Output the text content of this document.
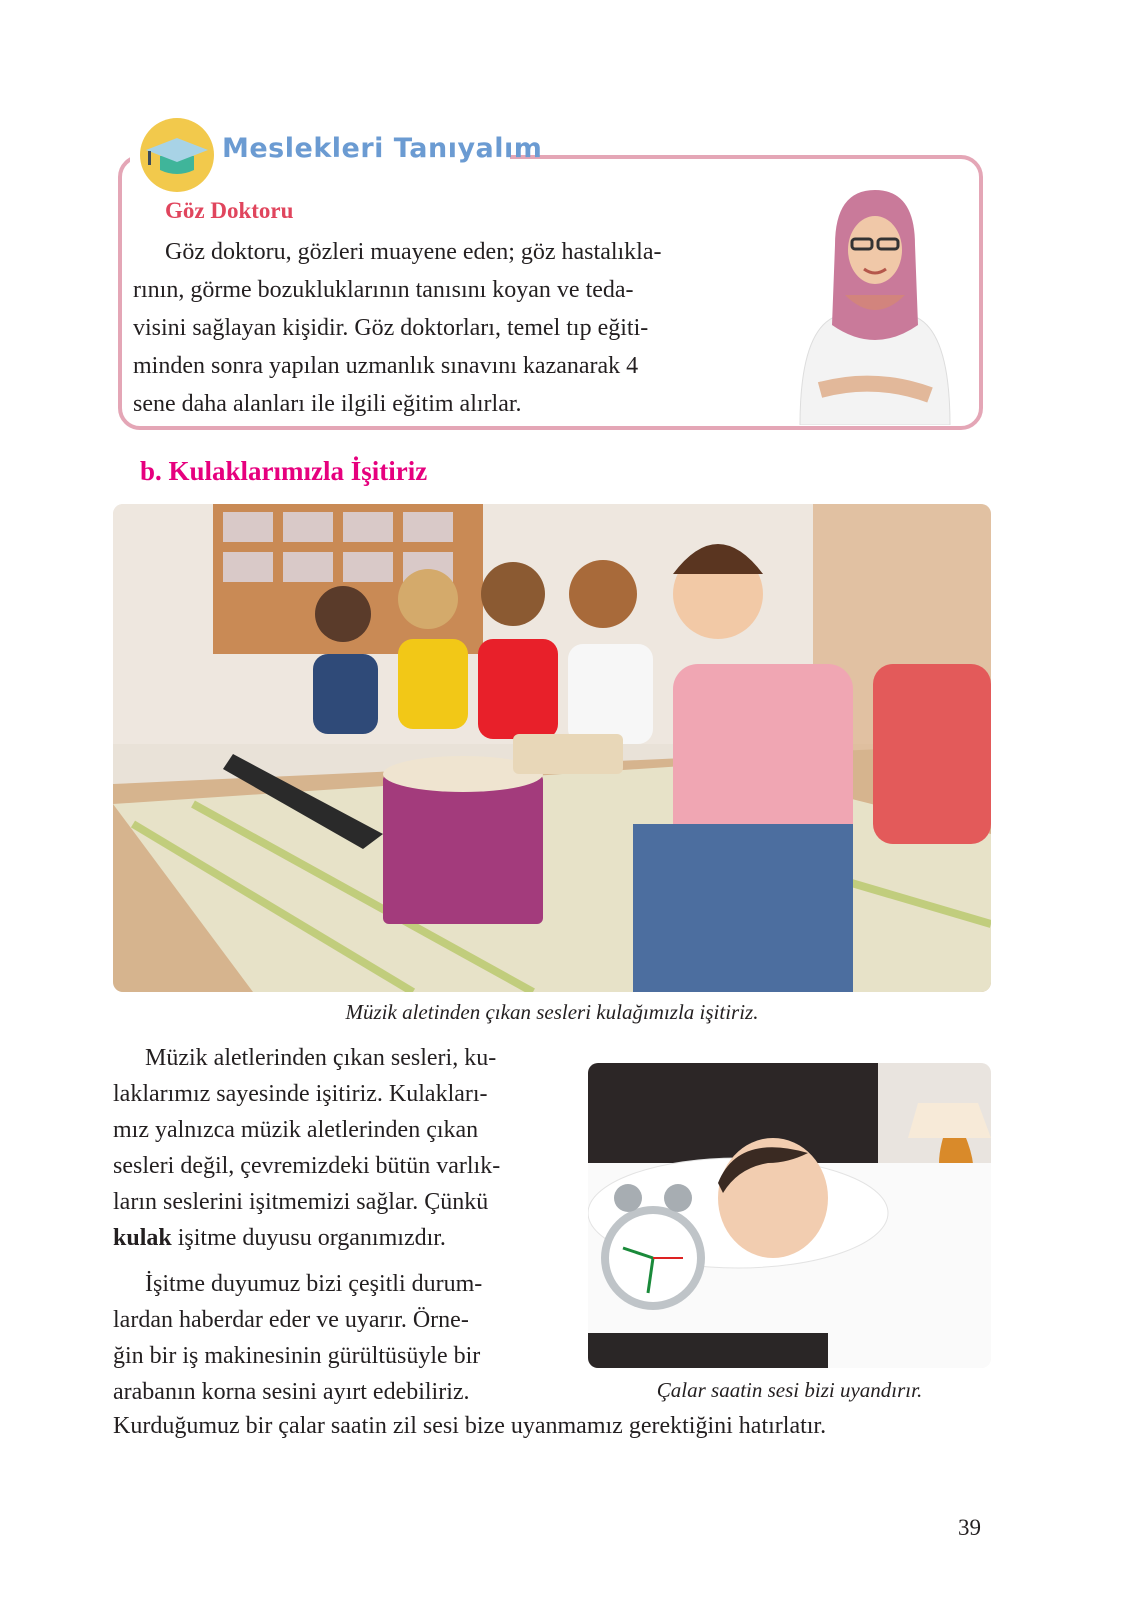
Meslekleri Tanıyalım
Göz Doktoru
Göz doktoru, gözleri muayene eden; göz hastalıkla-
rının, görme bozukluklarının tanısını koyan ve teda-
visini sağlayan kişidir. Göz doktorları, temel tıp eğiti-
minden sonra yapılan uzmanlık sınavını kazanarak 4
sene daha alanları ile ilgili eğitim alırlar.
b. Kulaklarımızla İşitiriz
Müzik aletinden çıkan sesleri kulağımızla işitiriz.
Müzik aletlerinden çıkan sesleri, ku-
laklarımız sayesinde işitiriz. Kulakları-
mız yalnızca müzik aletlerinden çıkan
sesleri değil, çevremizdeki bütün varlık-
ların seslerini işitmemizi sağlar. Çünkü
kulak işitme duyusu organımızdır.
İşitme duyumuz bizi çeşitli durum-
lardan haberdar eder ve uyarır. Örne-
ğin bir iş makinesinin gürültüsüyle bir
arabanın korna sesini ayırt edebiliriz.
Kurduğumuz bir çalar saatin zil sesi bize uyanmamız gerektiğini hatırlatır.
Çalar saatin sesi bizi uyandırır.
39
